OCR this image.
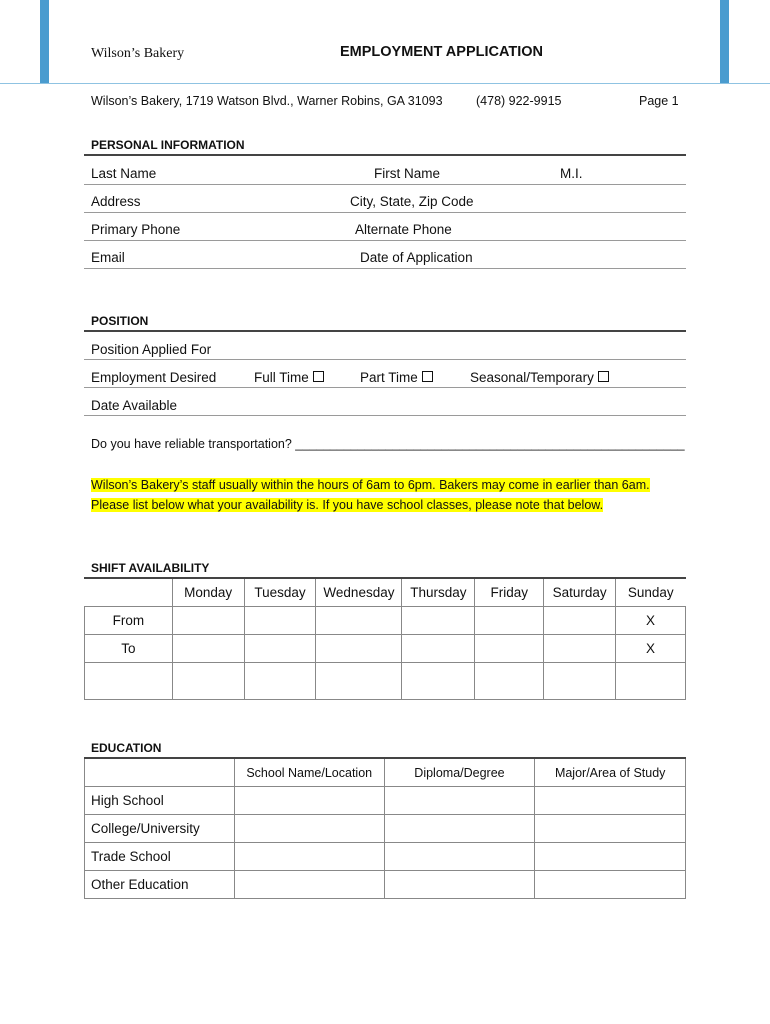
Wilson’s Bakery	EMPLOYMENT APPLICATION
Wilson’s Bakery, 1719 Watson Blvd., Warner Robins, GA 31093	(478) 922-9915	Page 1
PERSONAL INFORMATION
Last Name	First Name	M.I.
Address	City, State, Zip Code
Primary Phone	Alternate Phone
Email	Date of Application
POSITION
Position Applied For
Employment Desired	Full Time	Part Time	Seasonal/Temporary
Date Available
Do you have reliable transportation? ________________________________________________________
Wilson’s Bakery’s staff usually within the hours of 6am to 6pm. Bakers may come in earlier than 6am.
Please list below what your availability is. If you have school classes, please note that below.
SHIFT AVAILABILITY
	Monday	Tuesday	Wednesday	Thursday	Friday	Saturday	Sunday
From							X
To							X

EDUCATION
	School Name/Location	Diploma/Degree	Major/Area of Study
High School			
College/University			
Trade School			
Other Education			
